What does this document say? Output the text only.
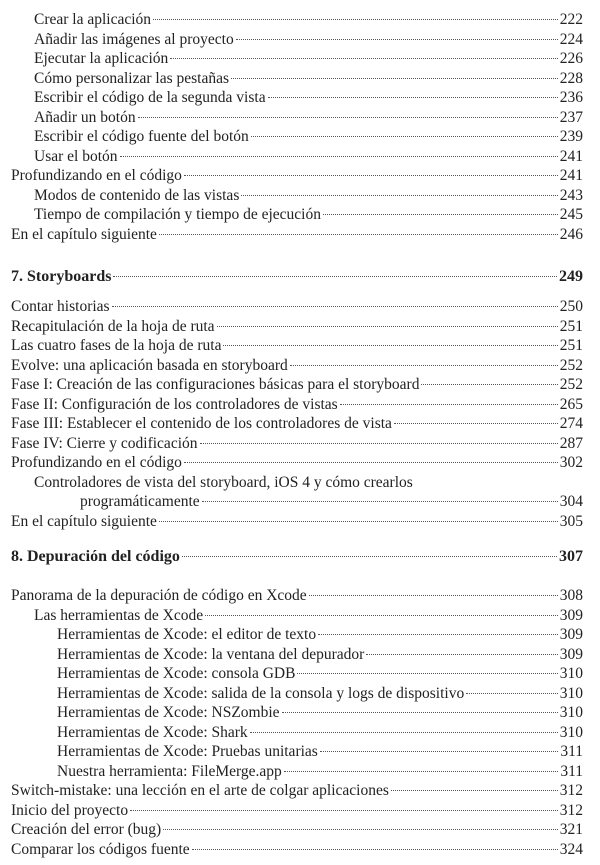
Crear la aplicación	222
Añadir las imágenes al proyecto	224
Ejecutar la aplicación	226
Cómo personalizar las pestañas	228
Escribir el código de la segunda vista	236
Añadir un botón	237
Escribir el código fuente del botón	239
Usar el botón	241
Profundizando en el código	241
Modos de contenido de las vistas	243
Tiempo de compilación y tiempo de ejecución	245
En el capítulo siguiente	246
7. Storyboards	249
Contar historias	250
Recapitulación de la hoja de ruta	251
Las cuatro fases de la hoja de ruta	251
Evolve: una aplicación basada en storyboard	252
Fase I: Creación de las configuraciones básicas para el storyboard	252
Fase II: Configuración de los controladores de vistas	265
Fase III: Establecer el contenido de los controladores de vista	274
Fase IV: Cierre y codificación	287
Profundizando en el código	302
Controladores de vista del storyboard, iOS 4 y cómo crearlos
programáticamente	304
En el capítulo siguiente	305
8. Depuración del código	307
Panorama de la depuración de código en Xcode	308
Las herramientas de Xcode	309
Herramientas de Xcode: el editor de texto	309
Herramientas de Xcode: la ventana del depurador	309
Herramientas de Xcode: consola GDB	310
Herramientas de Xcode: salida de la consola y logs de dispositivo	310
Herramientas de Xcode: NSZombie	310
Herramientas de Xcode: Shark	310
Herramientas de Xcode: Pruebas unitarias	311
Nuestra herramienta: FileMerge.app	311
Switch-mistake: una lección en el arte de colgar aplicaciones	312
Inicio del proyecto	312
Creación del error (bug)	321
Comparar los códigos fuente	324
